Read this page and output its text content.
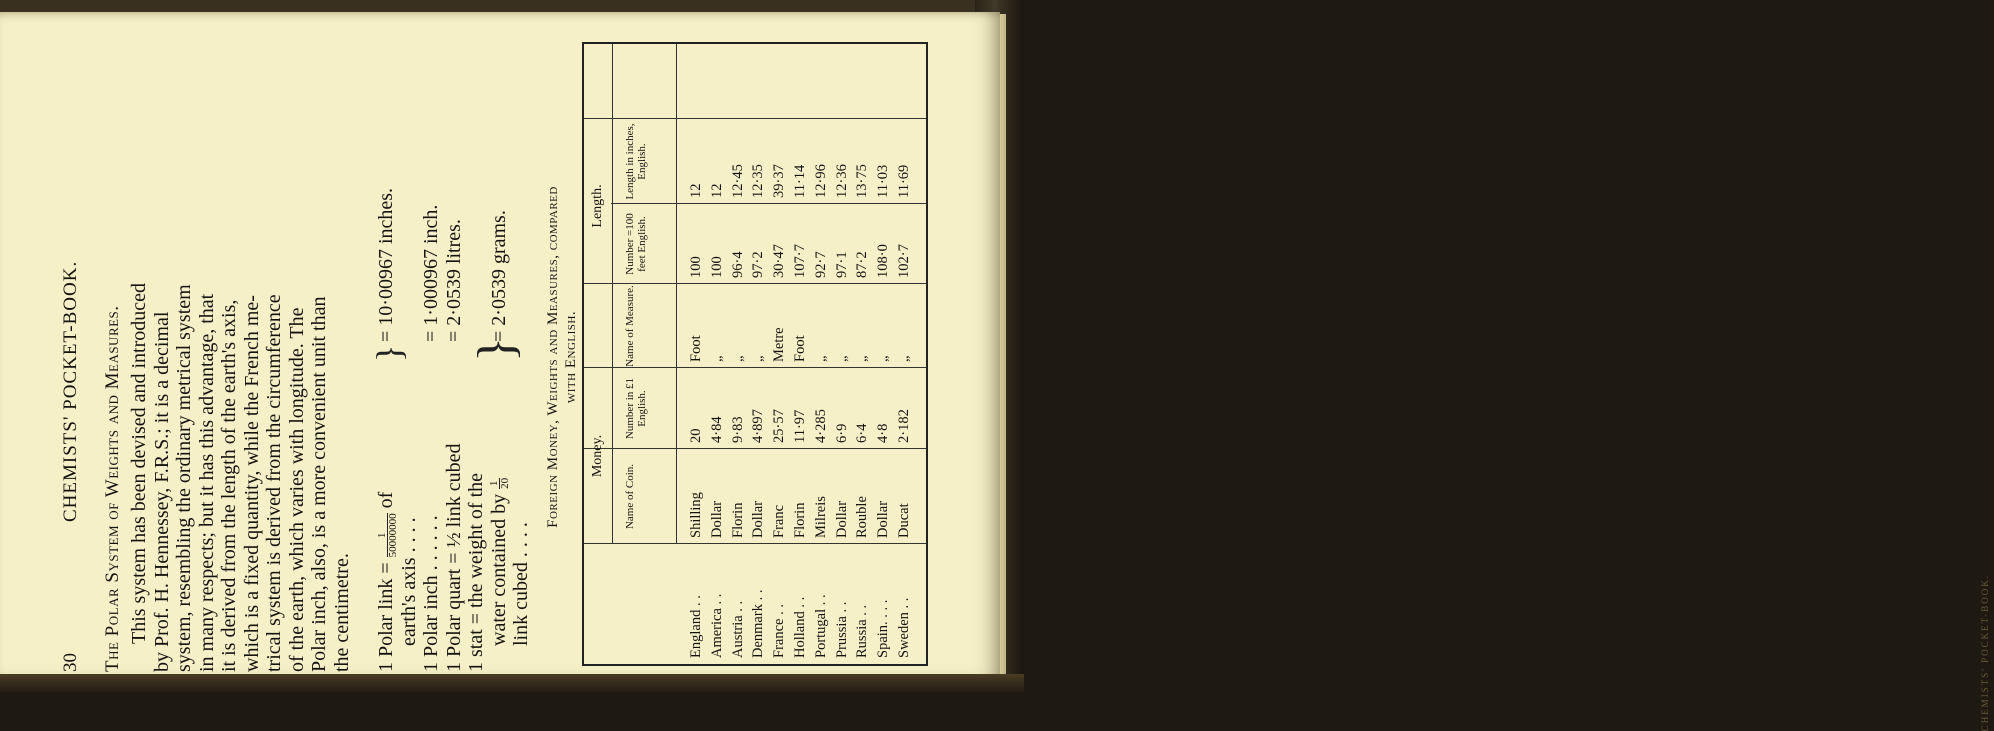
CHEMISTS' POCKET-BOOK.
30
CHEMISTS' POCKET-BOOK. The Polar System of Weights and Measures. This system has been devised and introduced by Prof. H. Hennessey, F.R.S.; it is a decimal system, resembling the ordinary metrical system in many respects; but it has this advantage, that it is derived from the length of the earth's axis, which is a fixed quantity, while the French me- trical system is derived from the circumference of the earth, which varies with longitude. The Polar inch, also, is a more convenient unit than the centimetre. 1 Polar link =
1 50000000
of
= 10·00967 inches.
earth's axis . . . . 1 Polar inch . . . . . .
= 1·000967 inch.
1 Polar quart = ½ link cubed
= 2·0539 litres.
1 stat = the weight of the water contained by
1 20
= 2·0539 grams.
link cubed . . . .
} } Foreign Money, Weights and Measures, compared with English.
Money.
Length.
Name of Coin.
Number in £1 English.
Name of Measure.
Number =100 feet English.
Length in inches, English.
England . . America . . Austria . . Denmark . . France . . Holland . . Portugal . . Prussia . . Russia . . Spain. . . . Sweden . .
Shilling Dollar Florin Dollar Franc Florin Milreis Dollar Rouble Dollar Ducat
20 4·84 9·83 4·897 25·57 11·97 4·285 6·9 6·4 4·8 2·182
Foot „ „ „ Metre Foot „ „ „ „ „
100 100 96·4 97·2 30·47 107·7 92·7 97·1 87·2 108·0 102·7
12 12 12·45 12·35 39·37 11·14 12·96 12·36 13·75 11·03 11·69
